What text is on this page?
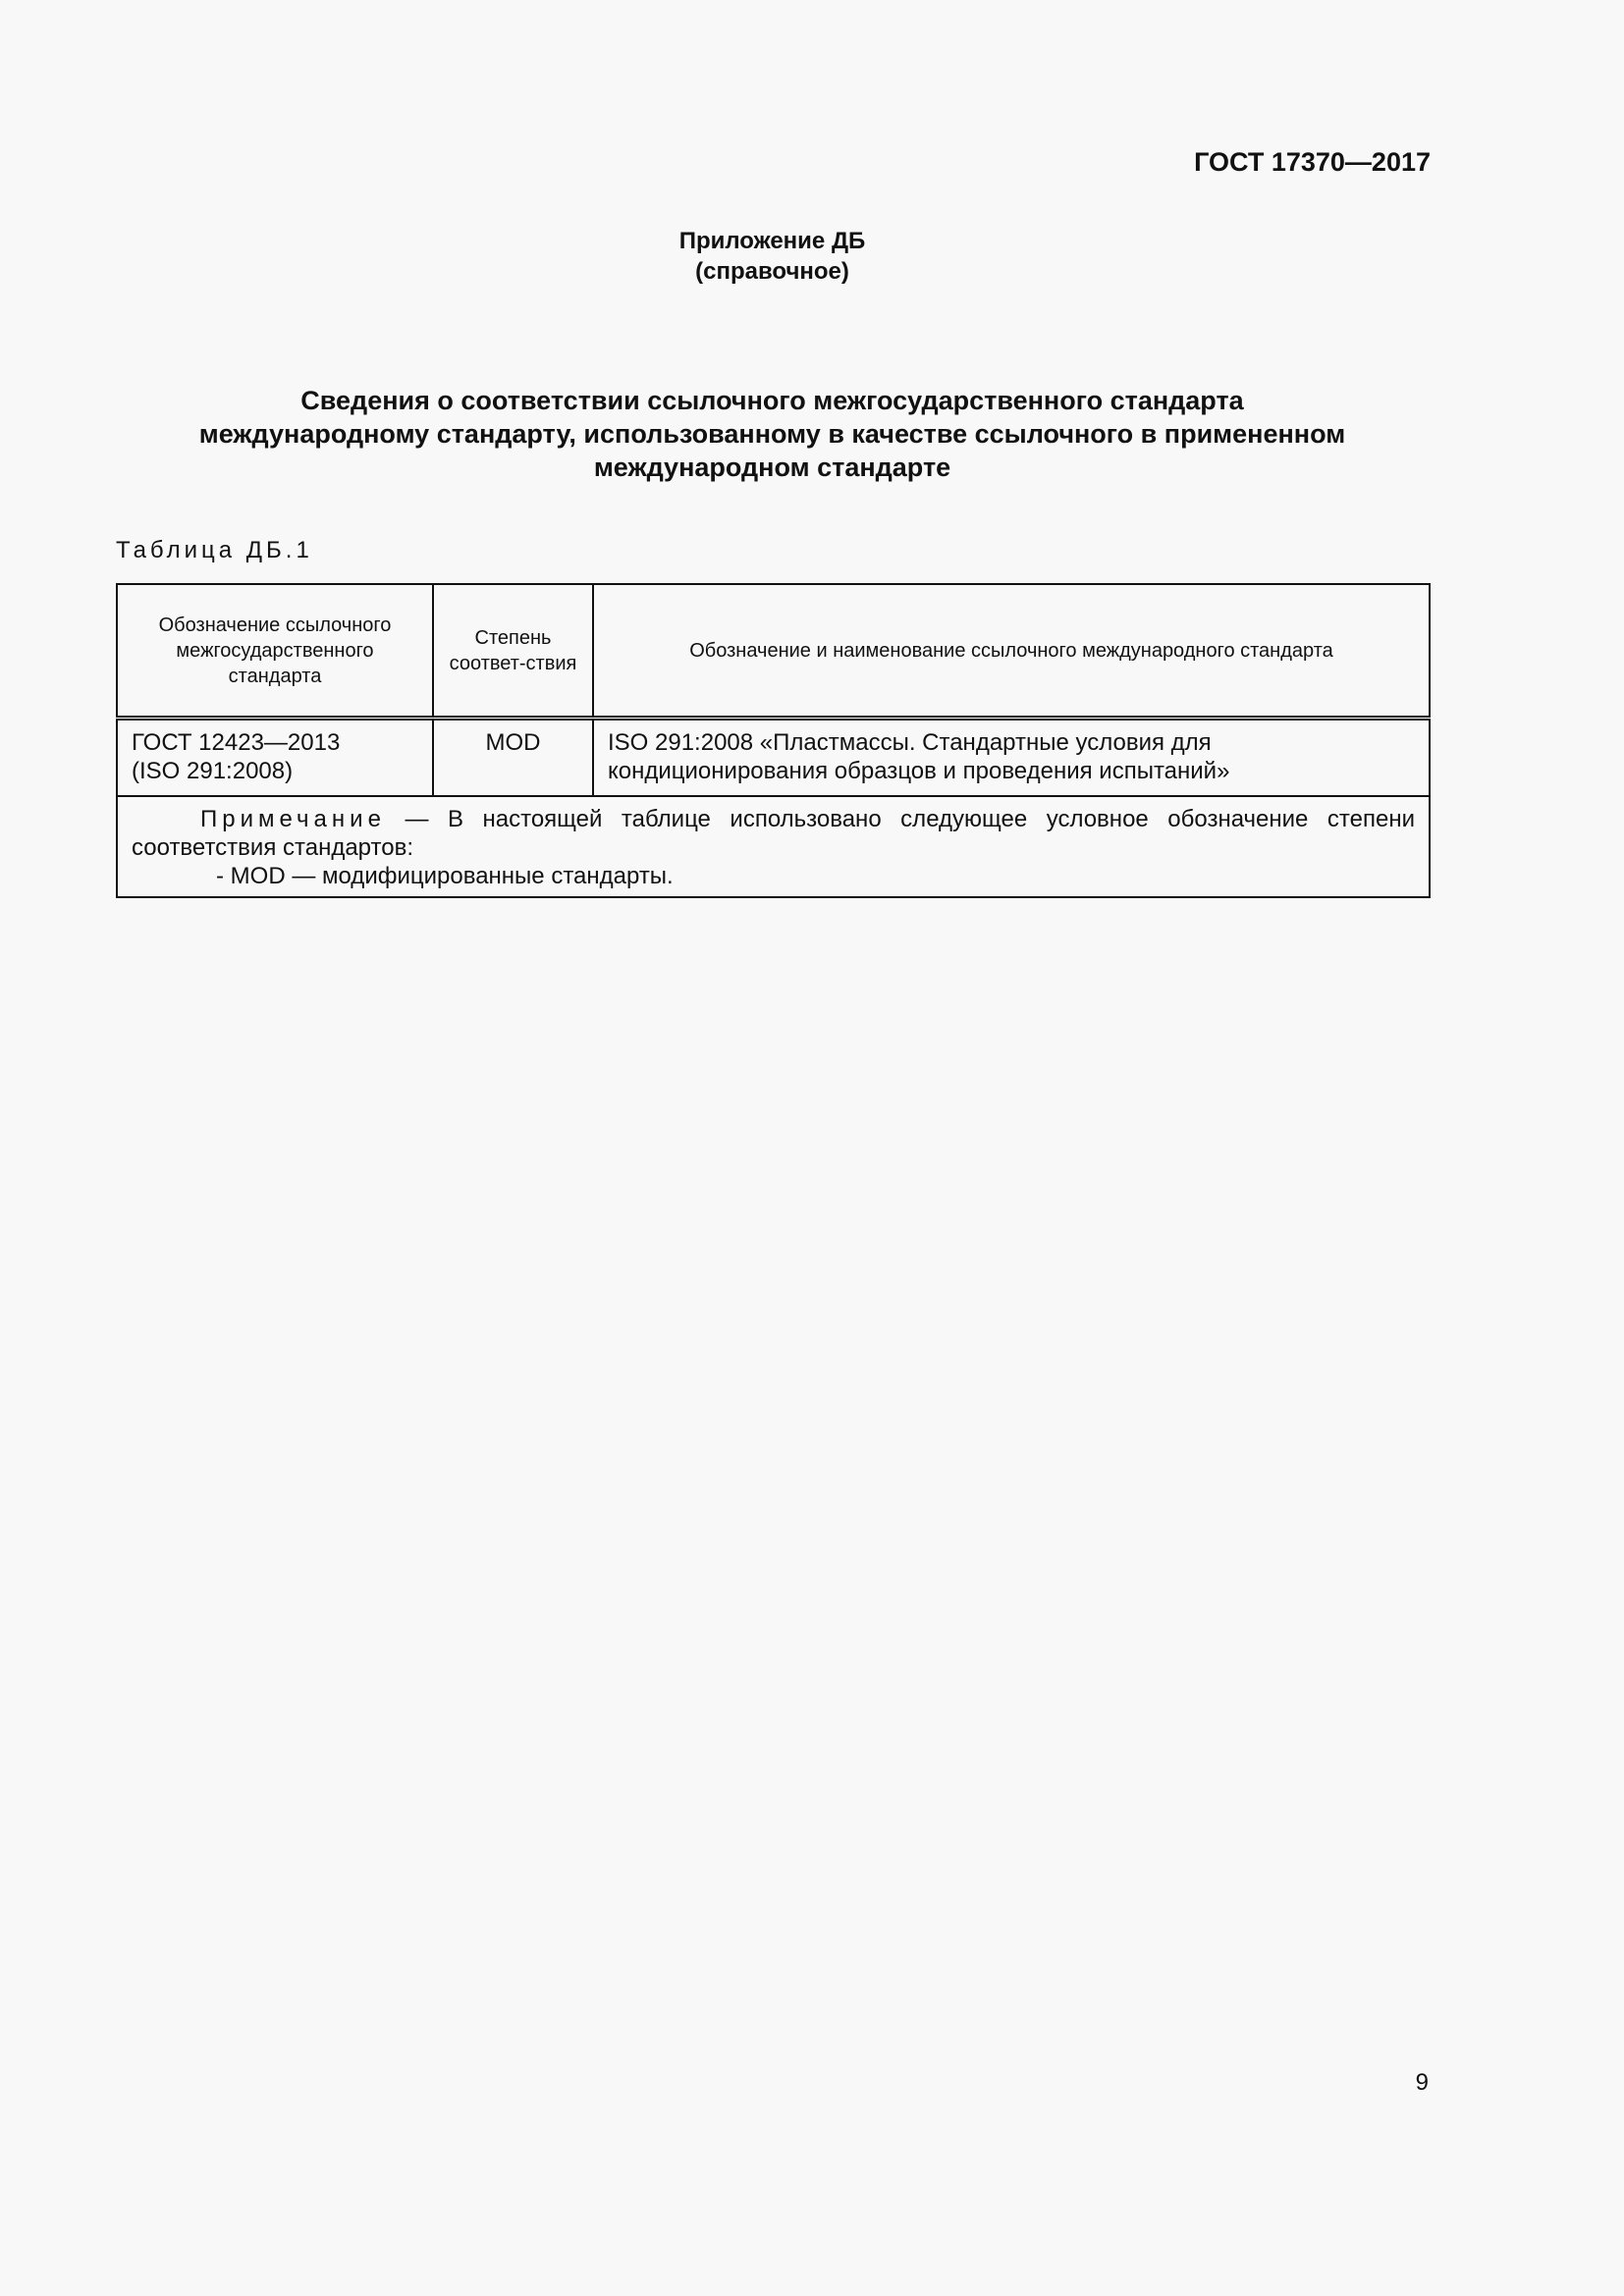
ГОСТ 17370—2017
Приложение ДБ
(справочное)
Сведения о соответствии ссылочного межгосударственного стандарта
международному стандарту, использованному в качестве ссылочного в примененном
международном стандарте
Таблица ДБ.1
Обозначение ссылочного межгосударственного стандарта	Степень соответ-ствия	Обозначение и наименование ссылочного международного стандарта

ГОСТ 12423—2013
(ISO 291:2008)	MOD	ISO 291:2008 «Пластмассы. Стандартные условия для кондиционирования образцов и проведения испытаний»
Примечание — В настоящей таблице использовано следующее условное обозначение степени соответствия стандартов:
- MOD — модифицированные стандарты.		
9
